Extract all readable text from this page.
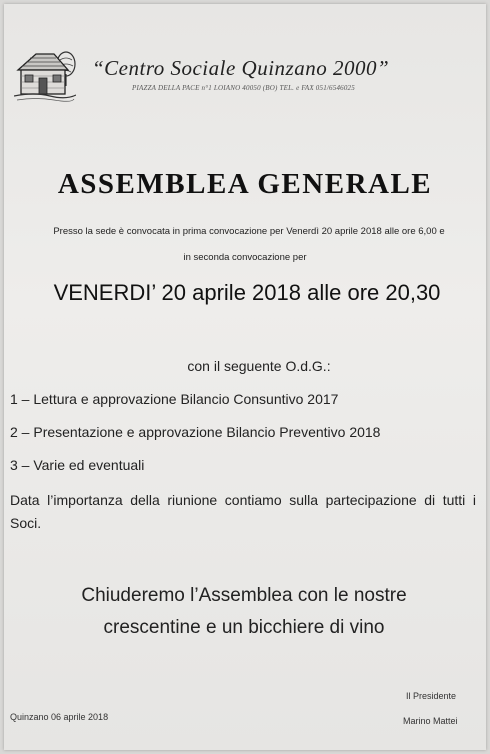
“Centro Sociale Quinzano 2000”
PIAZZA DELLA PACE n°1 LOIANO 40050 (BO) TEL. e FAX 051/6546025
ASSEMBLEA GENERALE
Presso la sede è convocata in prima convocazione per Venerdì 20 aprile 2018 alle ore 6,00 e
in seconda convocazione per
VENERDI’ 20 aprile 2018 alle ore 20,30
con il seguente O.d.G.:
1 – Lettura e approvazione Bilancio Consuntivo 2017
2 – Presentazione e approvazione Bilancio Preventivo 2018
3 – Varie ed eventuali
Data l’importanza della riunione contiamo sulla partecipazione di tutti i Soci.
Chiuderemo l’Assemblea con le nostre
crescentine e un bicchiere di vino
Quinzano 06 aprile 2018
Il Presidente
Marino Mattei
